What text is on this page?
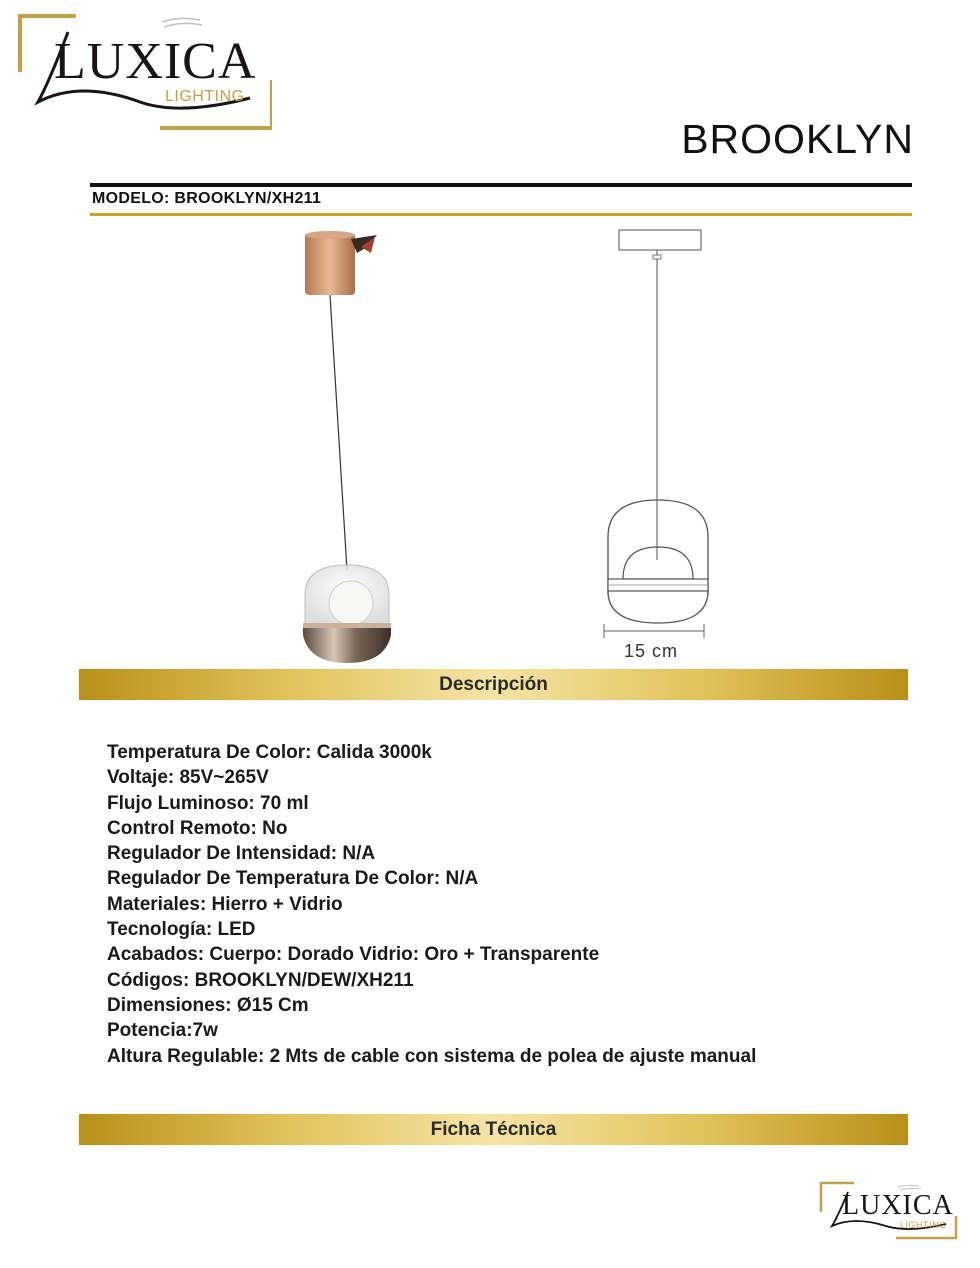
LUXICA
LIGHTING
BROOKLYN
MODELO: BROOKLYN/XH211
15 cm
Descripción
Temperatura De Color: Calida 3000k
Voltaje: 85V~265V
Flujo Luminoso: 70 ml
Control Remoto: No
Regulador De Intensidad: N/A
Regulador De Temperatura De Color: N/A
Materiales: Hierro + Vidrio
Tecnología: LED
Acabados: Cuerpo: Dorado Vidrio: Oro + Transparente
Códigos: BROOKLYN/DEW/XH211
Dimensiones: Ø15 Cm
Potencia:7w
Altura Regulable: 2 Mts de cable con sistema de polea de ajuste manual
Ficha Técnica
LUXICA
LIGHTING
